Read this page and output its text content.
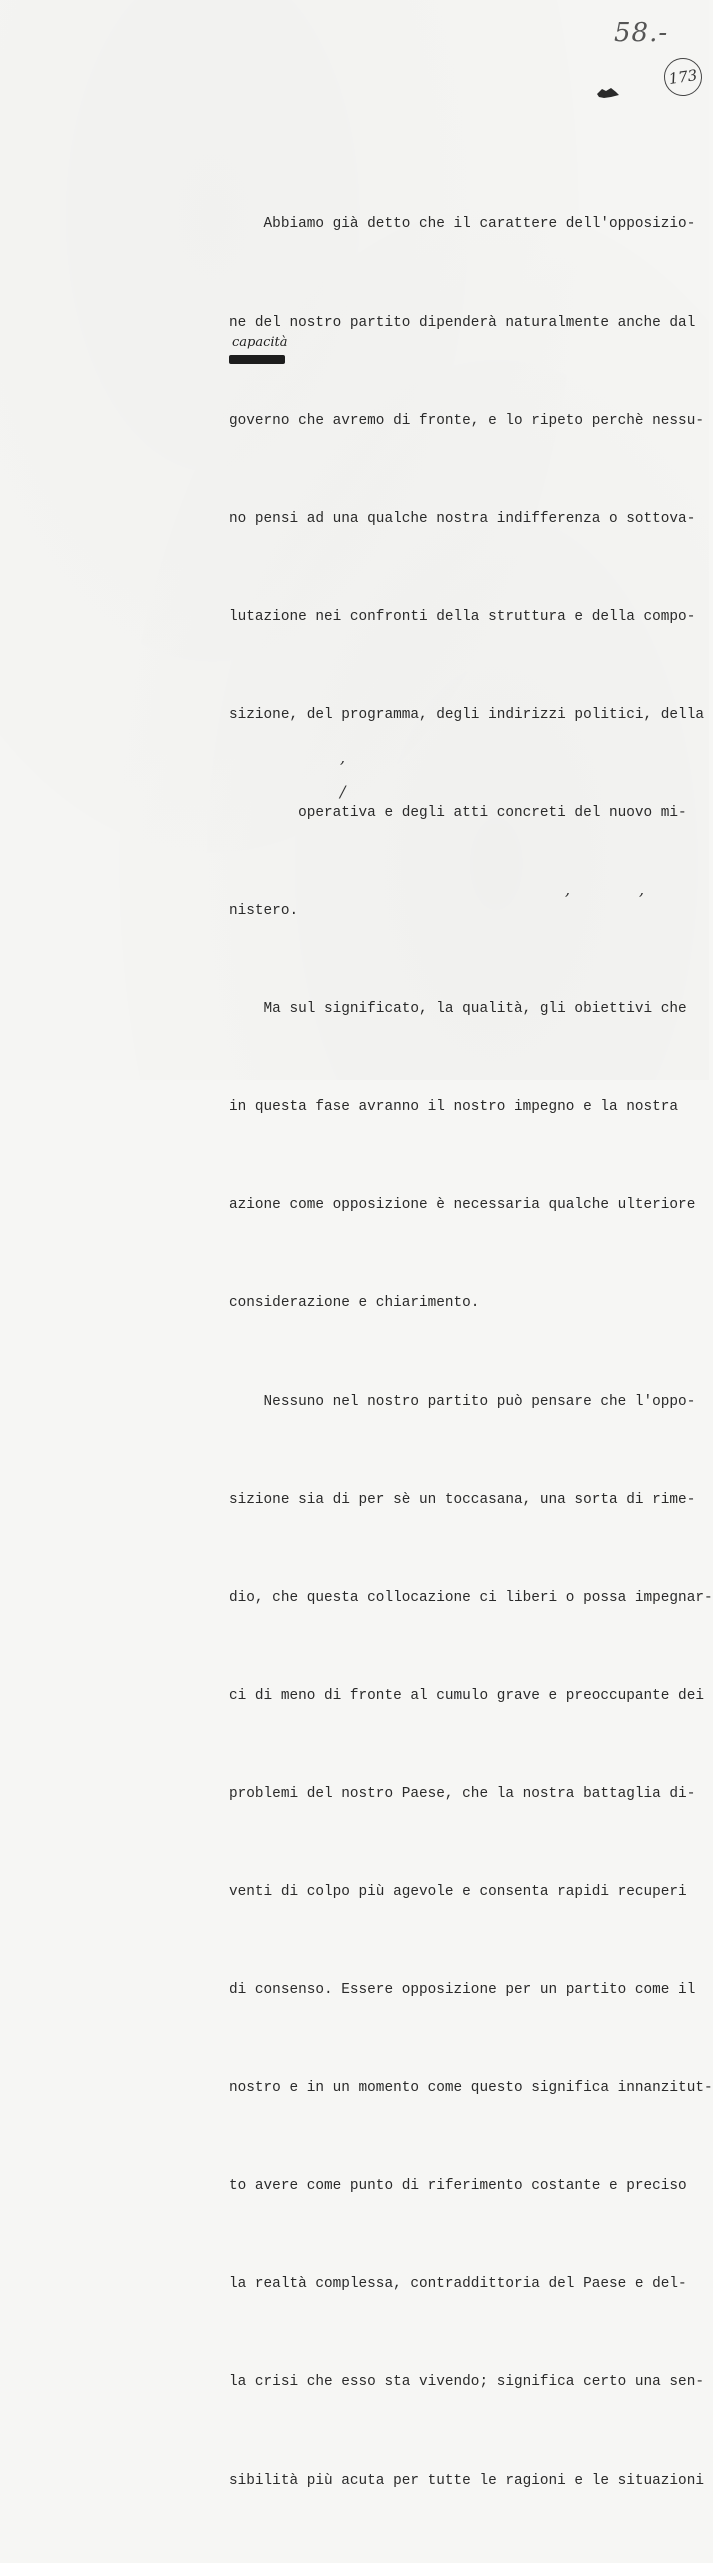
58.-
173

Abbiamo già detto che il carattere dell'opposizio-

ne del nostro partito dipenderà naturalmente anche dal

governo che avremo di fronte, e lo ripeto perchè nessu-

no pensi ad una qualche nostra indifferenza o sottova-

lutazione nei confronti della struttura e della compo-

sizione, del programma, degli indirizzi politici, della

operativa e degli atti concreti del nuovo mi-

nistero.

Ma sul significato, la qualità, gli obiettivi che

in questa fase avranno il nostro impegno e la nostra

azione come opposizione è necessaria qualche ulteriore

considerazione e chiarimento.

Nessuno nel nostro partito può pensare che l'oppo-

sizione sia di per sè un toccasana, una sorta di rime-

dio, che questa collocazione ci liberi o possa impegnar-

ci di meno di fronte al cumulo grave e preoccupante dei

problemi del nostro Paese, che la nostra battaglia di-

venti di colpo più agevole e consenta rapidi recuperi

di consenso. Essere opposizione per un partito come il

nostro e in un momento come questo significa innanzitut-

to avere come punto di riferimento costante e preciso

la realtà complessa, contraddittoria del Paese e del-

la crisi che esso sta vivendo; significa certo una sen-

sibilità più acuta per tutte le ragioni e le situazioni

capacità
,
/
,	,
